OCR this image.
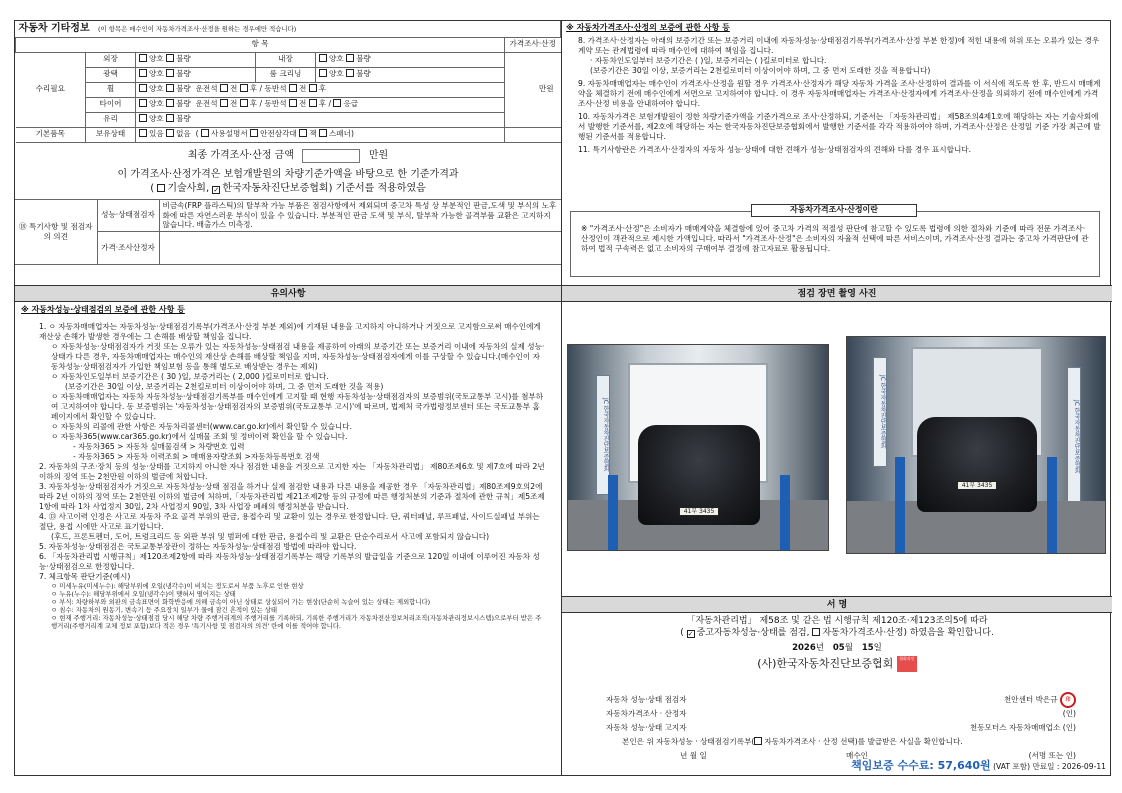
자동차 기타정보 (이 항목은 매수인이 자동차가격조사·산정을 원하는 경우에만 적습니다)					
항 목					가격조사·산정
수리필요	외장	양호 불량	내장	양호 불량	만원
	광택	양호 불량	룸 크리닝	양호 불량	
	휠	양호 불량 운전석 전 후 / 동반석 전 후			
	타이어	양호 불량 운전석 전 후 / 동반석 전 후 / 응급			
	유리	양호 불량			
기본품목	보유상태	있음 없음  ( 사용설명서 안전삼각대 잭 스패너)			
최종 가격조사·산정 금액	만원
이 가격조사·산정가격은 보험개발원의 차량기준가액을 바탕으로 한 기준가격과
( 기술사회, ✓ 한국자동차진단보증협회) 기준서를 적용하였음
⑱ 특기사항 및 점검자의 의견	성능·상태점검자	비금속(FRP 플라스틱)의 탈부착 가능 부품은 점검사항에서 제외되며 중고차 특성 상 부분적인 판금,도색 및 부식의 노후화에 따른 자연스러운 부식이 있을 수 있습니다. 부분적인 판금 도색 및 부식, 탈부착 가능한 골격부품 교환은 고지하지 않습니다. 배출가스 미측정.
	가격·조사산정자	
※ 자동차가격조사·산정의 보증에 관한 사항 등
8. 가격조사·산정자는 아래의 보증기간 또는 보증거리 이내에 자동차성능·상태점검기록부(가격조사·산정 부분 한정)에 적힌 내용에 허위 또는 오류가 있는 경우 계약 또는 관계법령에 따라 매수인에 대하여 책임을 집니다.
· 자동차인도일부터 보증기간은 ( )일, 보증거리는 ( )킬로미터로 합니다.
(보증기간은 30일 이상, 보증거리는 2천킬로미터 이상이어야 하며, 그 중 먼저 도래한 것을 적용합니다)
9. 자동차매매업자는 매수인이 가격조사·산정을 원할 경우 가격조사·산정자가 해당 자동차 가격을 조사·산정하여 결과를 이 서식에 적도록 한 후, 반드시 매매계약을 체결하기 전에 매수인에게 서면으로 고지하여야 합니다. 이 경우 자동차매매업자는 가격조사·산정자에게 가격조사·산정을 의뢰하기 전에 매수인에게 가격조사·산정 비용을 안내하여야 합니다.
10. 자동차가격은 보험개발원이 정한 차량기준가액을 기준가격으로 조사·산정하되, 기준서는 「자동차관리법」 제58조의4제1호에 해당하는 자는 기술사회에서 발행한 기준서를, 제2호에 해당하는 자는 한국자동차진단보증협회에서 발행한 기준서를 각각 적용하여야 하며, 가격조사·산정은 산정일 기준 가장 최근에 발행된 기준서를 적용합니다.
11. 특기사항란은 가격조사·산정자의 자동차 성능·상태에 대한 견해가 성능·상태점검자의 견해와 다를 경우 표시합니다.
자동차가격조사·산정이란
※ "가격조사·산정"은 소비자가 매매계약을 체결함에 있어 중고차 가격의 적절성 판단에 참고할 수 있도록 법령에 의한 절차와 기준에 따라 전문 가격조사·산정인이 객관적으로 제시한 가액입니다. 따라서 "가격조사·산정"은 소비자의 자율적 선택에 따른 서비스이며, 가격조사·산정 결과는 중고차 가격판단에 관하여 법적 구속력은 없고 소비자의 구매여부 결정에 참고자료로 활용됩니다.
유의사항
※ 자동차성능·상태점검의 보증에 관한 사항 등
1. ㅇ 자동차매매업자는 자동차성능·상태점검기록부(가격조사·산정 부분 제외)에 기재된 내용을 고지하지 아니하거나 거짓으로 고지함으로써 매수인에게 재산상 손해가 발생한 경우에는 그 손해를 배상할 책임을 집니다.
ㅇ 자동차성능·상태점검자가 거짓 또는 오류가 있는 자동차성능·상태점검 내용을 제공하여 아래의 보증기간 또는 보증거리 이내에 자동차의 실제 성능·상태가 다른 경우, 자동차매매업자는 매수인의 재산상 손해를 배상할 책임을 지며, 자동차성능·상태점검자에게 이를 구상할 수 있습니다.(매수인이 자동차성능·상태점검자가 가입한 책임보험 등을 통해 별도로 배상받는 경우는 제외)
ㅇ 자동차인도일부터 보증기간은 ( 30 )일, 보증거리는 ( 2,000 )킬로미터로 합니다.
(보증기간은 30일 이상, 보증거리는 2천킬로미터 이상이어야 하며, 그 중 먼저 도래한 것을 적용)
ㅇ 자동차매매업자는 자동차 자동차성능·상태점검기록부를 매수인에게 고지할 때 현행 자동차성능·상태점검자의 보증범위(국토교통부 고시)를 첨부하여 고지하여야 합니다. 동 보증범위는 '자동차성능·상태점검자의 보증범위(국토교통부 고시)'에 따르며, 법제처 국가법령정보센터 또는 국토교통부 홈페이지에서 확인할 수 있습니다.
ㅇ 자동차의 리콜에 관한 사항은 자동차리콜센터(www.car.go.kr)에서 확인할 수 있습니다.
ㅇ 자동차365(www.car365.go.kr)에서 실매물 조회 및 정비이력 확인을 할 수 있습니다.
- 자동차365 > 자동차 실매물검색 > 차량번호 입력
- 자동차365 > 자동차 이력조회 > 매매용자량조회 >자동차등록번호 검색
2. 자동차의 구조·장치 등의 성능·상태를 고지하지 아니한 자나 점검한 내용을 거짓으로 고지한 자는 「자동차관리법」 제80조제6호 및 제7호에 따라 2년 이하의 징역 또는 2천만원 이하의 벌금에 처합니다.
3. 자동차성능·상태점검자가 거짓으로 자동차성능·상태 점검을 하거나 실제 점검한 내용과 다른 내용을 제공한 경우 「자동차관리법」제80조제9호의2에 따라 2년 이하의 징역 또는 2천만원 이하의 벌금에 처하며,「자동차관리법 제21조제2항 등의 규정에 따른 행정처분의 기준과 절차에 관한 규칙」제5조제1항에 따라 1차 사업정지 30일, 2차 사업정지 90일, 3차 사업장 폐쇄의 행정처분을 받습니다.
4. ⑬ 사고이력 인정은 사고로 자동차 주요 골격 부위의 판금, 용접수리 및 교환이 있는 경우로 한정합니다. 단, 쿼터패널, 루프패널, 사이드실패널 부위는 절단, 용접 시에만 사고로 표기합니다.
(후드, 프론트펜더, 도어, 트렁크리드 등 외판 부위 및 범퍼에 대한 판금, 용접수리 및 교환은 단순수리로서 사고에 포함되지 않습니다)
5. 자동차성능·상태점검은 국토교통부장관이 정하는 자동차성능·상태점검 방법에 따라야 합니다.
6. 「자동차관리법 시행규칙」제120조제2항에 따라 자동차성능·상태점검기록부는 해당 기록부의 발급일을 기준으로 120일 이내에 이루어진 자동차 성능·상태점검으로 한정합니다.
7. 체크항목 판단기준(예시)
ㅇ 미세누유(미세누수): 해당부위에 오일(냉각수)이 비치는 정도로서 부품 노후로 인한 현상
ㅇ 누유(누수): 해당부위에서 오일(냉각수)이 맺혀서 떨어지는 상태
ㅇ 부식: 차량하부와 외판의 금속표면이 화학반응에 의해 금속이 아닌 상태로 상실되어 가는 현상(단순히 녹슬어 있는 상태는 제외합니다)
ㅇ 침수: 자동차의 원동기, 변속기 등 주요장치 일부가 물에 잠긴 흔적이 있는 상태
ㅇ 현재 주행거리: 자동차성능·상태점검 당시 해당 차량 주행거리계의 주행거리를 기록하되, 기록한 주행거리가 자동차전산정보처리조직(자동차관리정보시스템)으로부터 받은 주행거리(주행거리계 교체 정보 포함)보다 적은 경우 '특기사항 및 점검자의 의견' 란에 이를 적어야 합니다.
점검 장면 촬영 사진
JC 한국자동차진단보증협회
41부 3435
JC 한국자동차진단보증협회	JC 한국자동차진단보증협회
41부 3435
서 명
「자동차관리법」 제58조 및 같은 법 시행규칙 제120조·제123조의5에 따라
( ✓ 중고자동차성능·상태를 점검, 자동차가격조사·산정) 하였음을 확인합니다.
2026년 05월 15일
(사)한국자동차진단보증협회 협회직인
자동차 성능·상태 점검자	천안센터 박은규 印
자동차가격조사 · 산정자	(인)
자동차 성능·상태 고지자	천동모터스 자동차매매업소 (인)
본인은 위 자동차성능 · 상태점검기록부( 자동차가격조사 · 산정 선택)를 발급받은 사실을 확인합니다.
년 월 일	매수인	(서명 또는 인)
책임보증 수수료: 57,640원 (VAT 포함) 만료일 : 2026-09-11
